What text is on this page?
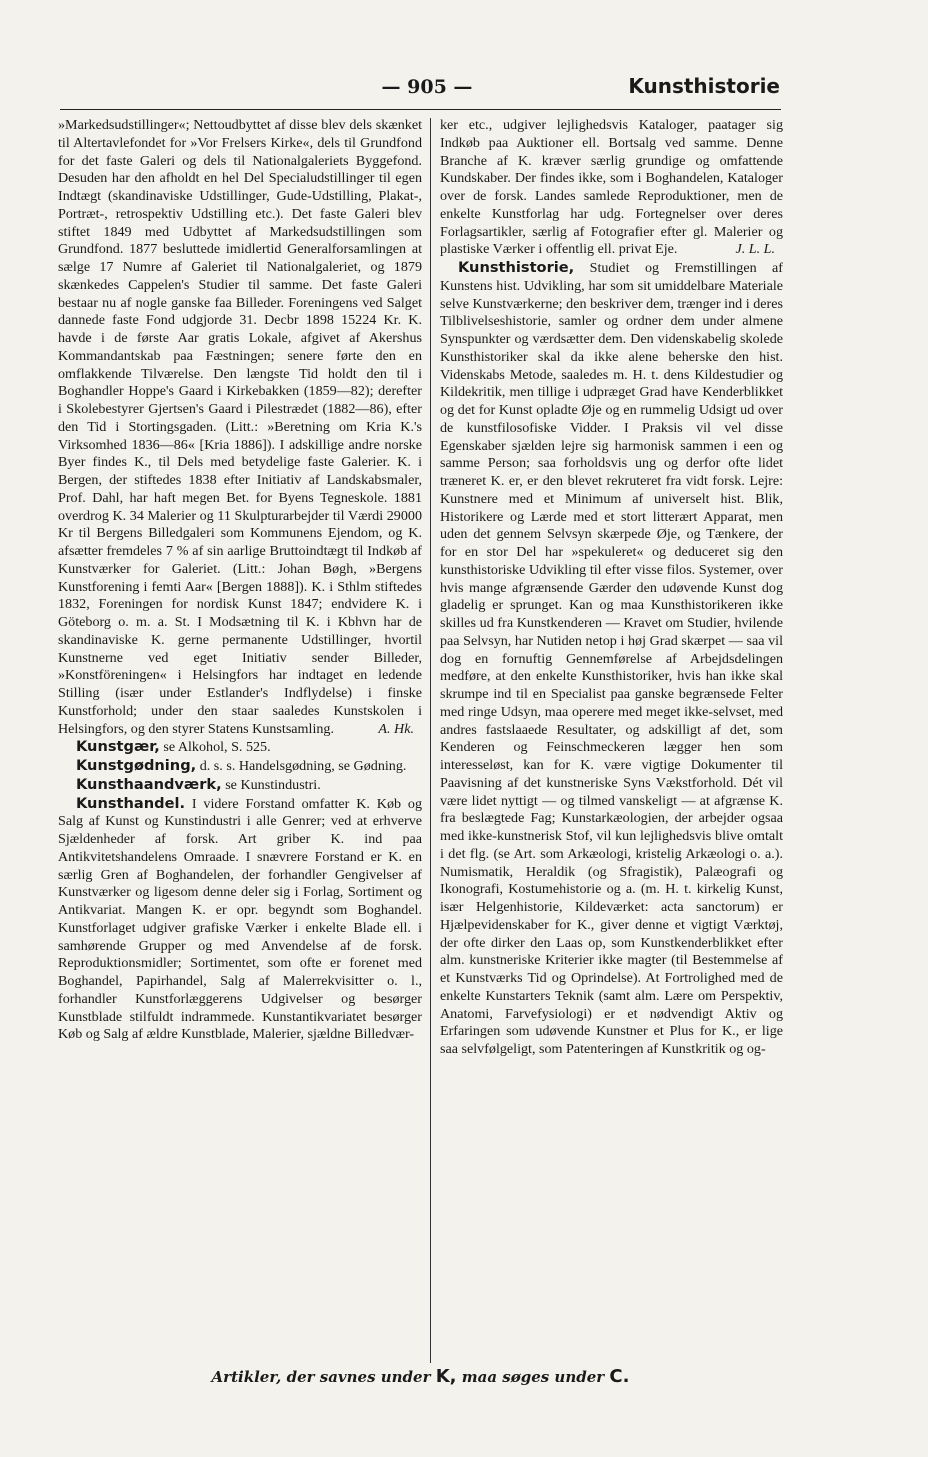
— 905 —	Kunsthistorie

»Markedsudstillinger«; Nettoudbyttet af disse blev dels skænket til Altertavlefondet for »Vor Frelsers Kirke«, dels til Grundfond for det faste Galeri og dels til Nationalgaleriets Byggefond. Desuden har den afholdt en hel Del Specialudstillinger til egen Indtægt (skandinaviske Udstillinger, Gude-Udstilling, Plakat-, Portræt-, retrospektiv Udstilling etc.). Det faste Galeri blev stiftet 1849 med Udbyttet af Markedsudstillingen som Grundfond. 1877 besluttede imidlertid Generalforsamlingen at sælge 17 Numre af Galeriet til Nationalgaleriet, og 1879 skænkedes Cappelen's Studier til samme. Det faste Galeri bestaar nu af nogle ganske faa Billeder. Foreningens ved Salget dannede faste Fond udgjorde 31. Decbr 1898 15224 Kr. K. havde i de første Aar gratis Lokale, afgivet af Akershus Kommandantskab paa Fæstningen; senere førte den en omflakkende Tilværelse. Den længste Tid holdt den til i Boghandler Hoppe's Gaard i Kirkebakken (1859—82); derefter i Skolebestyrer Gjertsen's Gaard i Pilestrædet (1882—86), efter den Tid i Stortingsgaden. (Litt.: »Beretning om Kria K.'s Virksomhed 1836—86« [Kria 1886]). I adskillige andre norske Byer findes K., til Dels med betydelige faste Galerier. K. i Bergen, der stiftedes 1838 efter Initiativ af Landskabsmaler, Prof. Dahl, har haft megen Bet. for Byens Tegneskole. 1881 overdrog K. 34 Malerier og 11 Skulpturarbejder til Værdi 29000 Kr til Bergens Billedgaleri som Kommunens Ejendom, og K. afsætter fremdeles 7 % af sin aarlige Bruttoindtægt til Indkøb af Kunstværker for Galeriet. (Litt.: Johan Bøgh, »Bergens Kunstforening i femti Aar« [Bergen 1888]). K. i Sthlm stiftedes 1832, Foreningen for nordisk Kunst 1847; endvidere K. i Göteborg o. m. a. St. I Modsætning til K. i Kbhvn har de skandinaviske K. gerne permanente Udstillinger, hvortil Kunstnerne ved eget Initiativ sender Billeder, »Konstföreningen« i Helsingfors har indtaget en ledende Stilling (især under Estlander's Indflydelse) i finske Kunstforhold; under den staar saaledes Kunstskolen i Helsingfors, og den styrer Statens Kunstsamling.	A. Hk.

Kunstgær, se Alkohol, S. 525.

Kunstgødning, d. s. s. Handelsgødning, se Gødning.

Kunsthaandværk, se Kunstindustri.

Kunsthandel. I videre Forstand omfatter K. Køb og Salg af Kunst og Kunstindustri i alle Genrer; ved at erhverve Sjældenheder af forsk. Art griber K. ind paa Antikvitetshandelens Omraade. I snævrere Forstand er K. en særlig Gren af Boghandelen, der forhandler Gengivelser af Kunstværker og ligesom denne deler sig i Forlag, Sortiment og Antikvariat. Mangen K. er opr. begyndt som Boghandel. Kunstforlaget udgiver grafiske Værker i enkelte Blade ell. i samhørende Grupper og med Anvendelse af de forsk. Reproduktionsmidler; Sortimentet, som ofte er forenet med Boghandel, Papirhandel, Salg af Malerrekvisitter o. l., forhandler Kunstforlæggerens Udgivelser og besørger Kunstblade stilfuldt indrammede. Kunstantikvariatet besørger Køb og Salg af ældre Kunstblade, Malerier, sjældne Billedvær-

ker etc., udgiver lejlighedsvis Kataloger, paatager sig Indkøb paa Auktioner ell. Bortsalg ved samme. Denne Branche af K. kræver særlig grundige og omfattende Kundskaber. Der findes ikke, som i Boghandelen, Kataloger over de forsk. Landes samlede Reproduktioner, men de enkelte Kunstforlag har udg. Fortegnelser over deres Forlagsartikler, særlig af Fotografier efter gl. Malerier og plastiske Værker i offentlig ell. privat Eje.	J. L. L.

Kunsthistorie, Studiet og Fremstillingen af Kunstens hist. Udvikling, har som sit umiddelbare Materiale selve Kunstværkerne; den beskriver dem, trænger ind i deres Tilblivelseshistorie, samler og ordner dem under almene Synspunkter og værdsætter dem. Den videnskabelig skolede Kunsthistoriker skal da ikke alene beherske den hist. Videnskabs Metode, saaledes m. H. t. dens Kildestudier og Kildekritik, men tillige i udpræget Grad have Kenderblikket og det for Kunst opladte Øje og en rummelig Udsigt ud over de kunstfilosofiske Vidder. I Praksis vil vel disse Egenskaber sjælden lejre sig harmonisk sammen i een og samme Person; saa forholdsvis ung og derfor ofte lidet træneret K. er, er den blevet rekruteret fra vidt forsk. Lejre: Kunstnere med et Minimum af universelt hist. Blik, Historikere og Lærde med et stort litterært Apparat, men uden det gennem Selvsyn skærpede Øje, og Tænkere, der for en stor Del har »spekuleret« og deduceret sig den kunsthistoriske Udvikling til efter visse filos. Systemer, over hvis mange afgrænsende Gærder den udøvende Kunst dog gladelig er sprunget. Kan og maa Kunsthistorikeren ikke skilles ud fra Kunstkenderen — Kravet om Studier, hvilende paa Selvsyn, har Nutiden netop i høj Grad skærpet — saa vil dog en fornuftig Gennemførelse af Arbejdsdelingen medføre, at den enkelte Kunsthistoriker, hvis han ikke skal skrumpe ind til en Specialist paa ganske begrænsede Felter med ringe Udsyn, maa operere med meget ikke-selvset, med andres fastslaaede Resultater, og adskilligt af det, som Kenderen og Feinschmeckeren lægger hen som interesseløst, kan for K. være vigtige Dokumenter til Paavisning af det kunstneriske Syns Vækstforhold. Dét vil være lidet nyttigt — og tilmed vanskeligt — at afgrænse K. fra beslægtede Fag; Kunstarkæologien, der arbejder ogsaa med ikke-kunstnerisk Stof, vil kun lejlighedsvis blive omtalt i det flg. (se Art. som Arkæologi, kristelig Arkæologi o. a.). Numismatik, Heraldik (og Sfragistik), Palæografi og Ikonografi, Kostumehistorie og a. (m. H. t. kirkelig Kunst, især Helgenhistorie, Kildeværket: acta sanctorum) er Hjælpevidenskaber for K., giver denne et vigtigt Værktøj, der ofte dirker den Laas op, som Kunstkenderblikket efter alm. kunstneriske Kriterier ikke magter (til Bestemmelse af et Kunstværks Tid og Oprindelse). At Fortrolighed med de enkelte Kunstarters Teknik (samt alm. Lære om Perspektiv, Anatomi, Farvefysiologi) er et nødvendigt Aktiv og Erfaringen som udøvende Kunstner et Plus for K., er lige saa selvfølgeligt, som Patenteringen af Kunstkritik og og-

Artikler, der savnes under K, maa søges under C.
